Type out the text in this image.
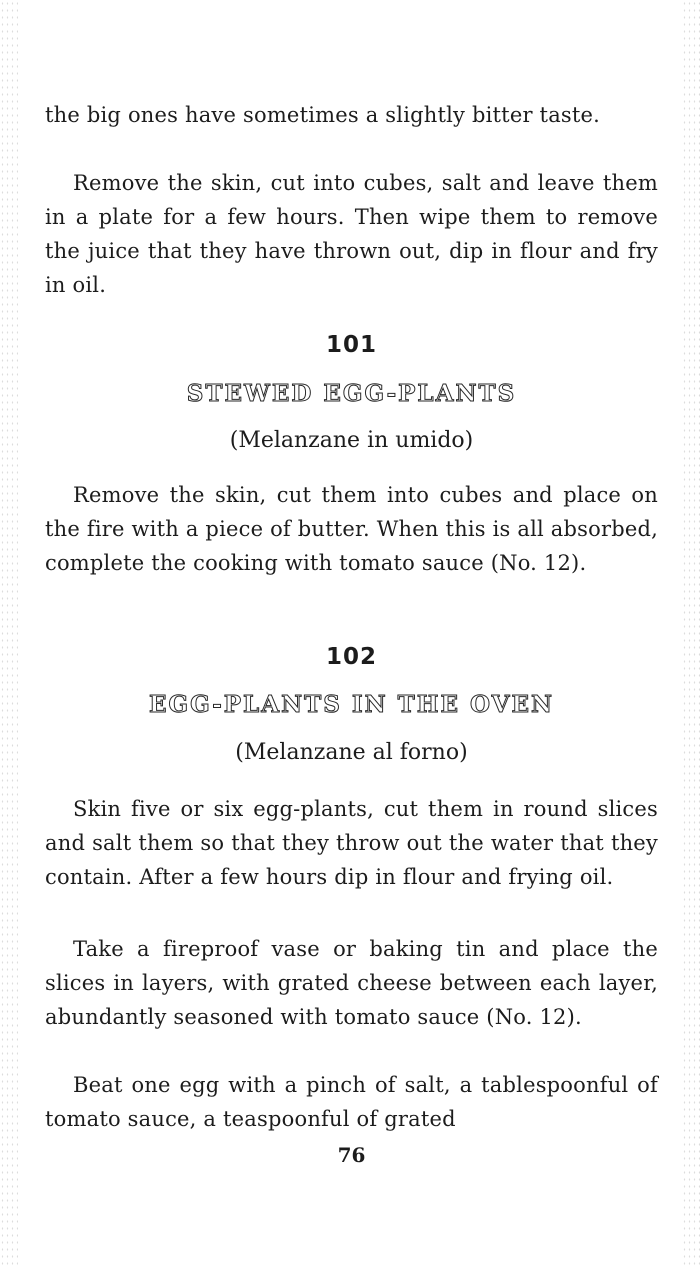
the big ones have sometimes a slightly bitter taste.

Remove the skin, cut into cubes, salt and leave them in a plate for a few hours. Then wipe them to remove the juice that they have thrown out, dip in flour and fry in oil.

101
STEWED EGG-PLANTS

(Melanzane in umido)

Remove the skin, cut them into cubes and place on the fire with a piece of butter. When this is all absorbed, complete the cooking with tomato sauce (No. 12).

102
EGG-PLANTS IN THE OVEN

(Melanzane al forno)

Skin five or six egg-plants, cut them in round slices and salt them so that they throw out the water that they contain. After a few hours dip in flour and frying oil.

Take a fireproof vase or baking tin and place the slices in layers, with grated cheese between each layer, abundantly seasoned with tomato sauce (No. 12).

Beat one egg with a pinch of salt, a tablespoonful of tomato sauce, a teaspoonful of grated

76
